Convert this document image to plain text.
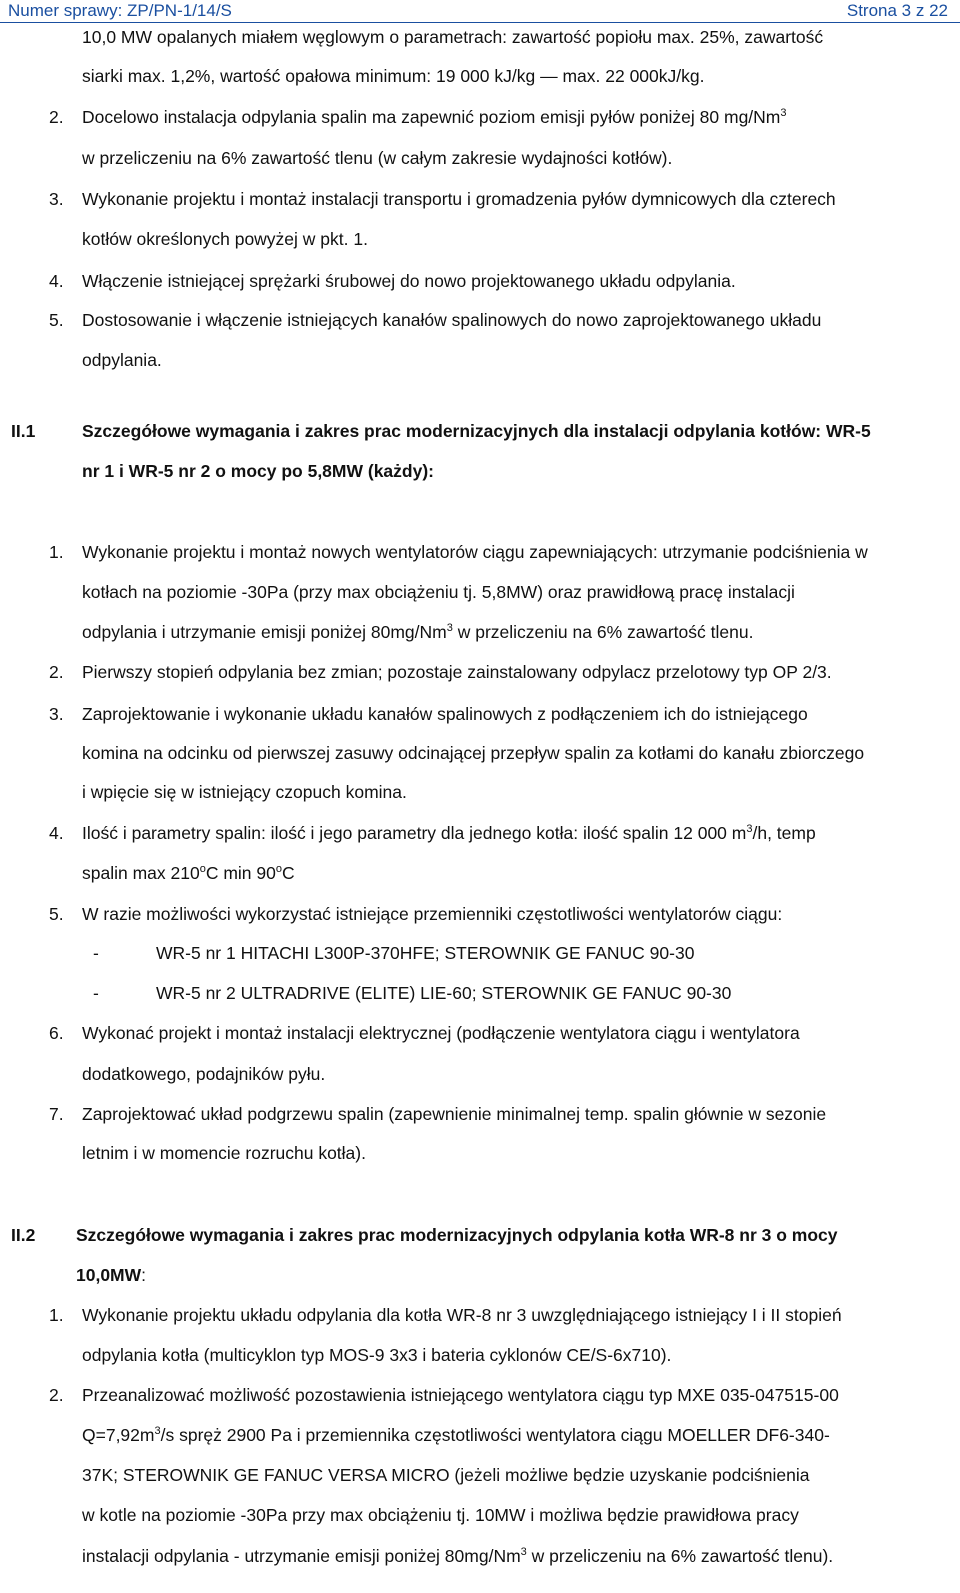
Numer sprawy: ZP/PN-1/14/S	Strona 3 z 22
10,0 MW opalanych miałem węglowym o parametrach: zawartość popiołu max. 25%, zawartość
siarki max. 1,2%, wartość opałowa minimum: 19 000 kJ/kg — max. 22 000kJ/kg.
2. Docelowo instalacja odpylania spalin ma zapewnić poziom emisji pyłów poniżej 80 mg/Nm$^3$
w przeliczeniu na 6% zawartość tlenu (w całym zakresie wydajności kotłów).
3. Wykonanie projektu i montaż instalacji transportu i gromadzenia pyłów dymnicowych dla czterech
kotłów określonych powyżej w pkt. 1.
4. Włączenie istniejącej sprężarki śrubowej do nowo projektowanego układu odpylania.
5. Dostosowanie i włączenie istniejących kanałów spalinowych do nowo zaprojektowanego układu
odpylania.
II.1	Szczegółowe wymagania i zakres prac modernizacyjnych dla instalacji odpylania kotłów: WR-5
nr 1 i WR-5 nr 2 o mocy po 5,8MW (każdy):
1. Wykonanie projektu i montaż nowych wentylatorów ciągu zapewniających: utrzymanie podciśnienia w
kotłach na poziomie -30Pa (przy max obciążeniu tj. 5,8MW) oraz prawidłową pracę instalacji
odpylania i utrzymanie emisji poniżej 80mg/Nm$^3$ w przeliczeniu na 6% zawartość tlenu.
2. Pierwszy stopień odpylania bez zmian; pozostaje zainstalowany odpylacz przelotowy typ OP 2/3.
3. Zaprojektowanie i wykonanie układu kanałów spalinowych z podłączeniem ich do istniejącego
komina na odcinku od pierwszej zasuwy odcinającej przepływ spalin za kotłami do kanału zbiorczego
i wpięcie się w istniejący czopuch komina.
4. Ilość i parametry spalin: ilość i jego parametry dla jednego kotła: ilość spalin 12 000 $m^3/h$, temp
spalin max 210$^o$C min 90$^o$C
5. W razie możliwości wykorzystać istniejące przemienniki częstotliwości wentylatorów ciągu:
-	WR-5 nr 1 HITACHI L300P-370HFE; STEROWNIK GE FANUC 90-30
-	WR-5 nr 2 ULTRADRIVE (ELITE) LIE-60; STEROWNIK GE FANUC 90-30
6. Wykonać projekt i montaż instalacji elektrycznej (podłączenie wentylatora ciągu i wentylatora
dodatkowego, podajników pyłu.
7. Zaprojektować układ podgrzewu spalin (zapewnienie minimalnej temp. spalin głównie w sezonie
letnim i w momencie rozruchu kotła).
II.2 Szczegółowe wymagania i zakres prac modernizacyjnych odpylania kotła WR-8 nr 3 o mocy
10,0MW:
1. Wykonanie projektu układu odpylania dla kotła WR-8 nr 3 uwzględniającego istniejący I i II stopień
odpylania kotła (multicyklon typ MOS-9 3x3 i bateria cyklonów CE/S-6x710).
2. Przeanalizować możliwość pozostawienia istniejącego wentylatora ciągu typ MXE 035-047515-00
$Q=7,92m^3/s$ spręż 2900 Pa i przemiennika częstotliwości wentylatora ciągu MOELLER DF6-340-
37K; STEROWNIK GE FANUC VERSA MICRO (jeżeli możliwe będzie uzyskanie podciśnienia
w kotle na poziomie -30Pa przy max obciążeniu tj. 10MW i możliwa będzie prawidłowa pracy
instalacji odpylania - utrzymanie emisji poniżej 80mg/Nm$^3$ w przeliczeniu na 6% zawartość tlenu).
